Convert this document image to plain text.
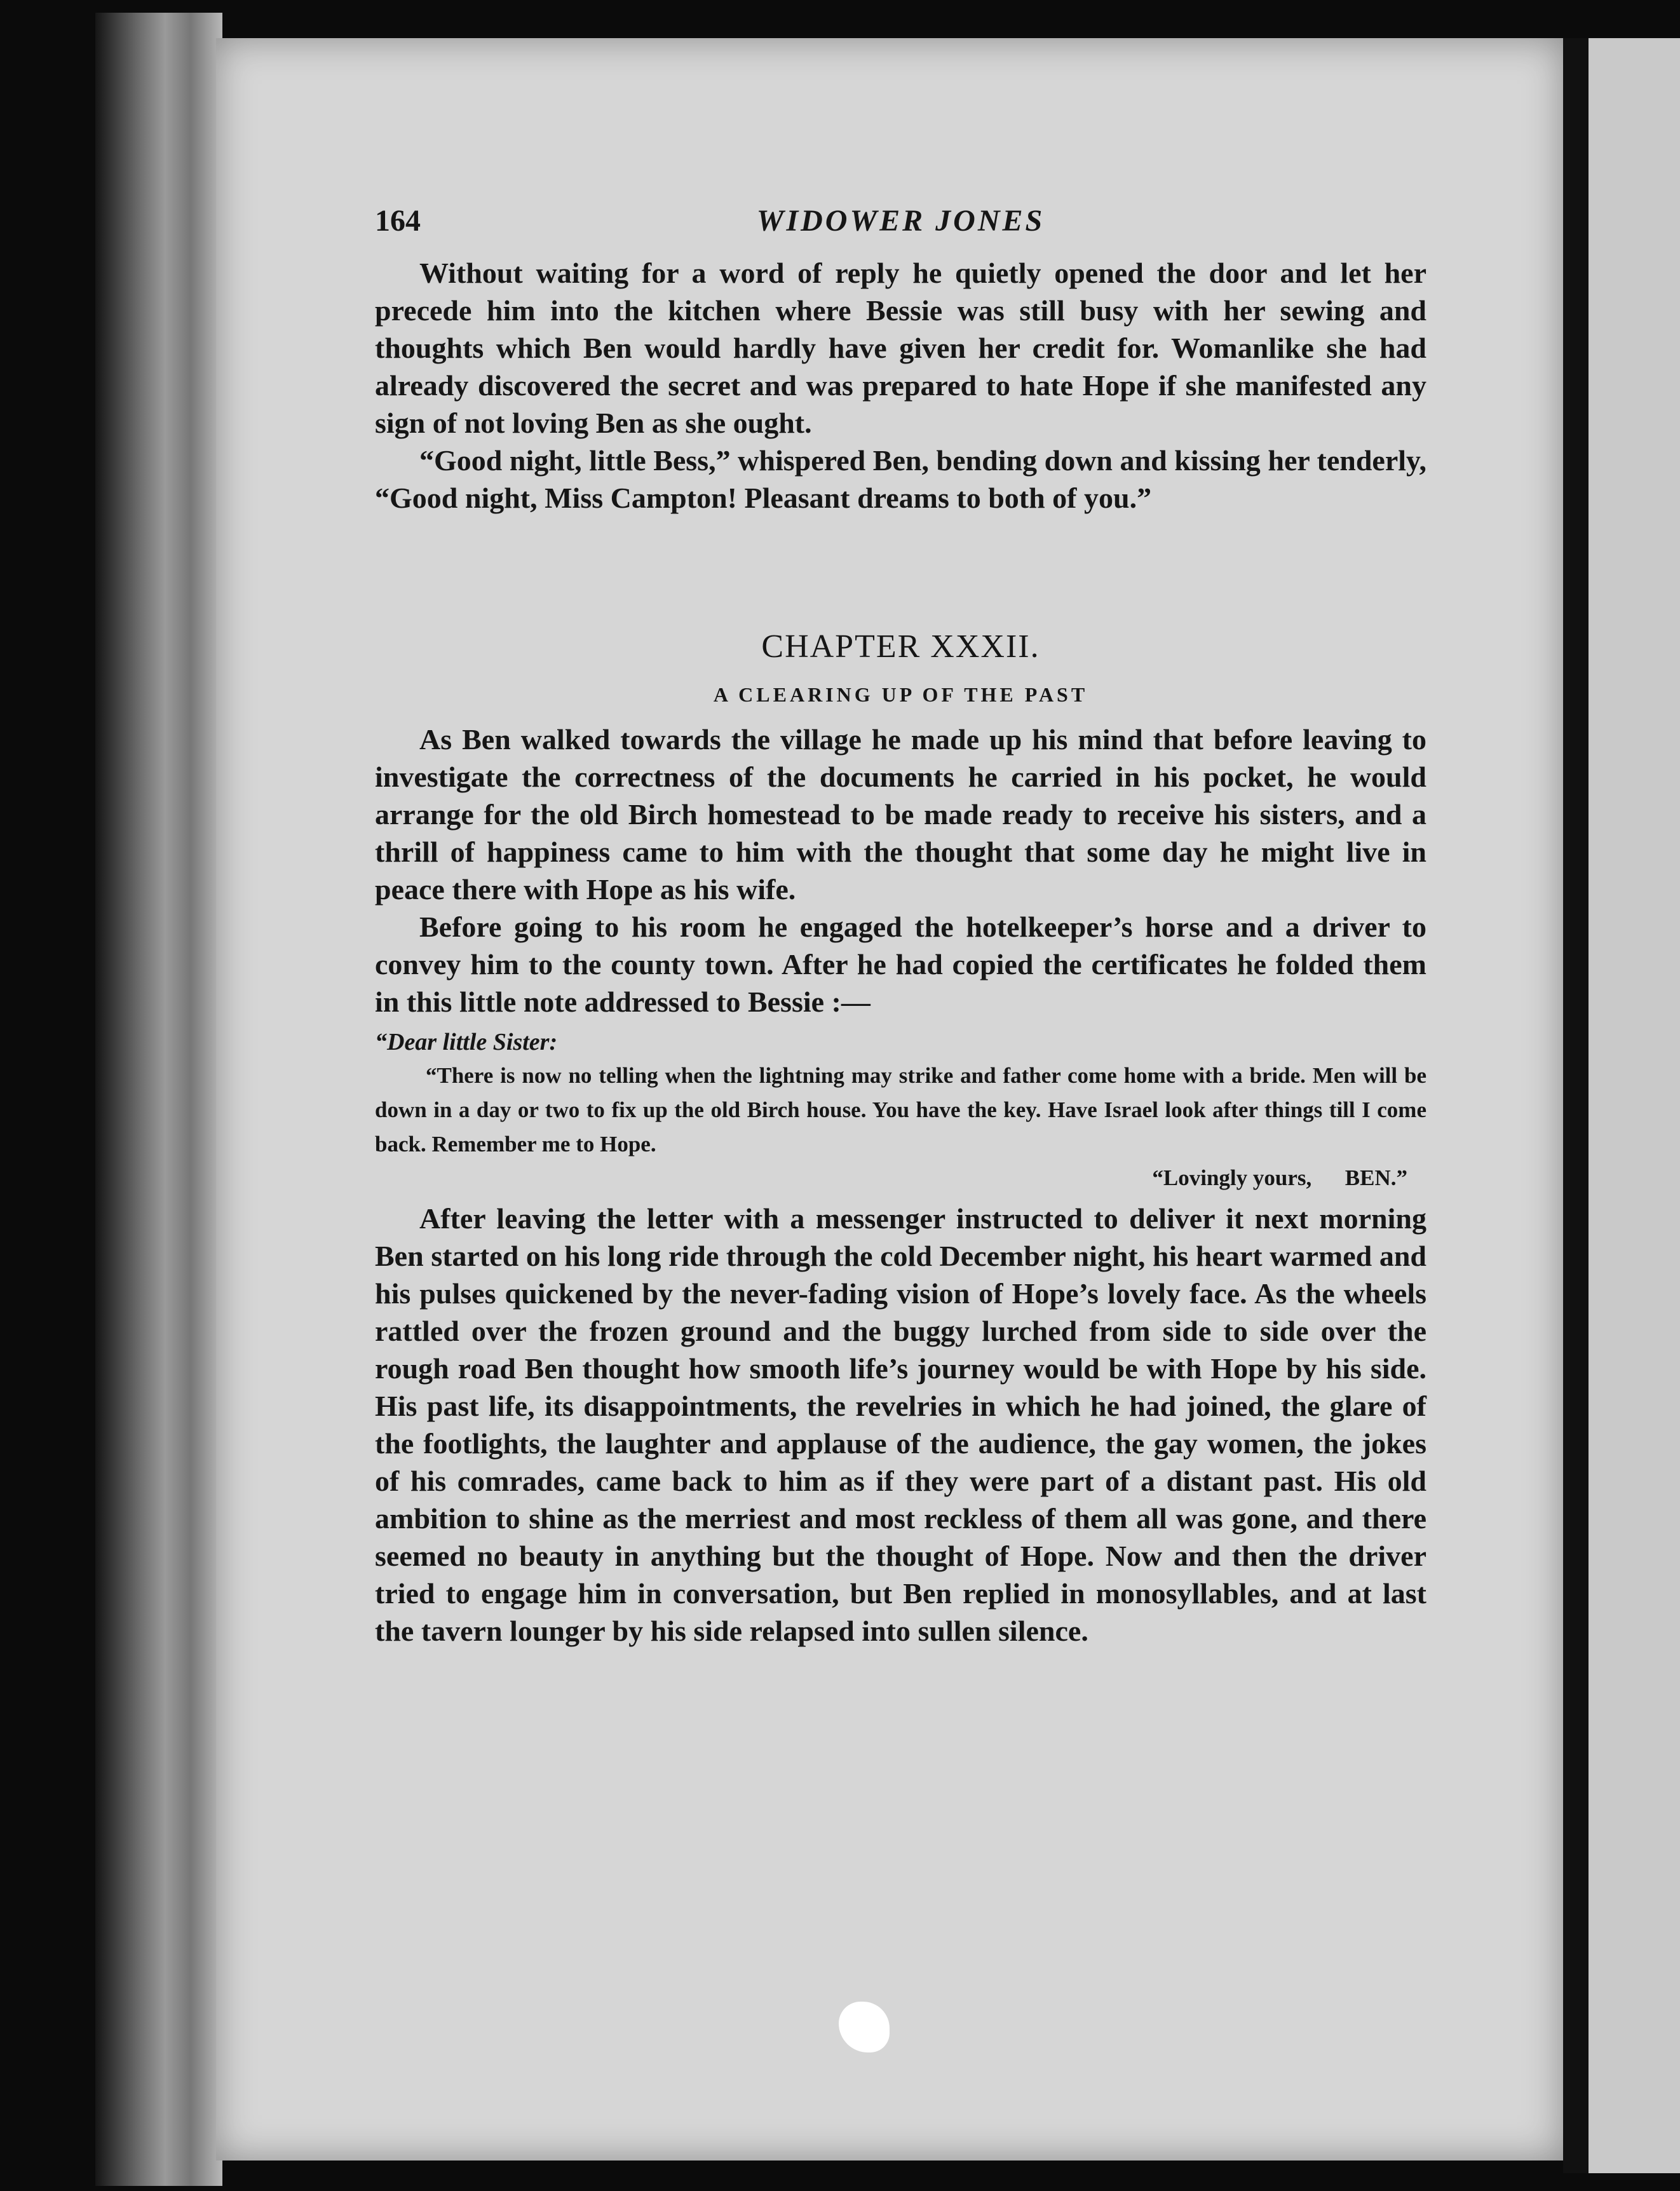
164	WIDOWER JONES

Without waiting for a word of reply he quietly opened the door and let her precede him into the kitchen where Bessie was still busy with her sewing and thoughts which Ben would hardly have given her credit for. Womanlike she had already discovered the secret and was prepared to hate Hope if she manifested any sign of not loving Ben as she ought.

“Good night, little Bess,” whispered Ben, bending down and kissing her tenderly, “Good night, Miss Campton! Pleasant dreams to both of you.”

CHAPTER XXXII.
A CLEARING UP OF THE PAST

As Ben walked towards the village he made up his mind that before leaving to investigate the correctness of the documents he carried in his pocket, he would arrange for the old Birch homestead to be made ready to receive his sisters, and a thrill of happiness came to him with the thought that some day he might live in peace there with Hope as his wife.

Before going to his room he engaged the hotelkeeper’s horse and a driver to convey him to the county town. After he had copied the certificates he folded them in this little note addressed to Bessie :—

“Dear little Sister:
“There is now no telling when the lightning may strike and father come home with a bride. Men will be down in a day or two to fix up the old Birch house. You have the key. Have Israel look after things till I come back. Remember me to Hope.
“Lovingly yours,      BEN.”

After leaving the letter with a messenger instructed to deliver it next morning Ben started on his long ride through the cold December night, his heart warmed and his pulses quickened by the never-fading vision of Hope’s lovely face. As the wheels rattled over the frozen ground and the buggy lurched from side to side over the rough road Ben thought how smooth life’s journey would be with Hope by his side. His past life, its disappointments, the revelries in which he had joined, the glare of the footlights, the laughter and applause of the audience, the gay women, the jokes of his comrades, came back to him as if they were part of a distant past. His old ambition to shine as the merriest and most reckless of them all was gone, and there seemed no beauty in anything but the thought of Hope. Now and then the driver tried to engage him in conversation, but Ben replied in monosyllables, and at last the tavern lounger by his side relapsed into sullen silence.
